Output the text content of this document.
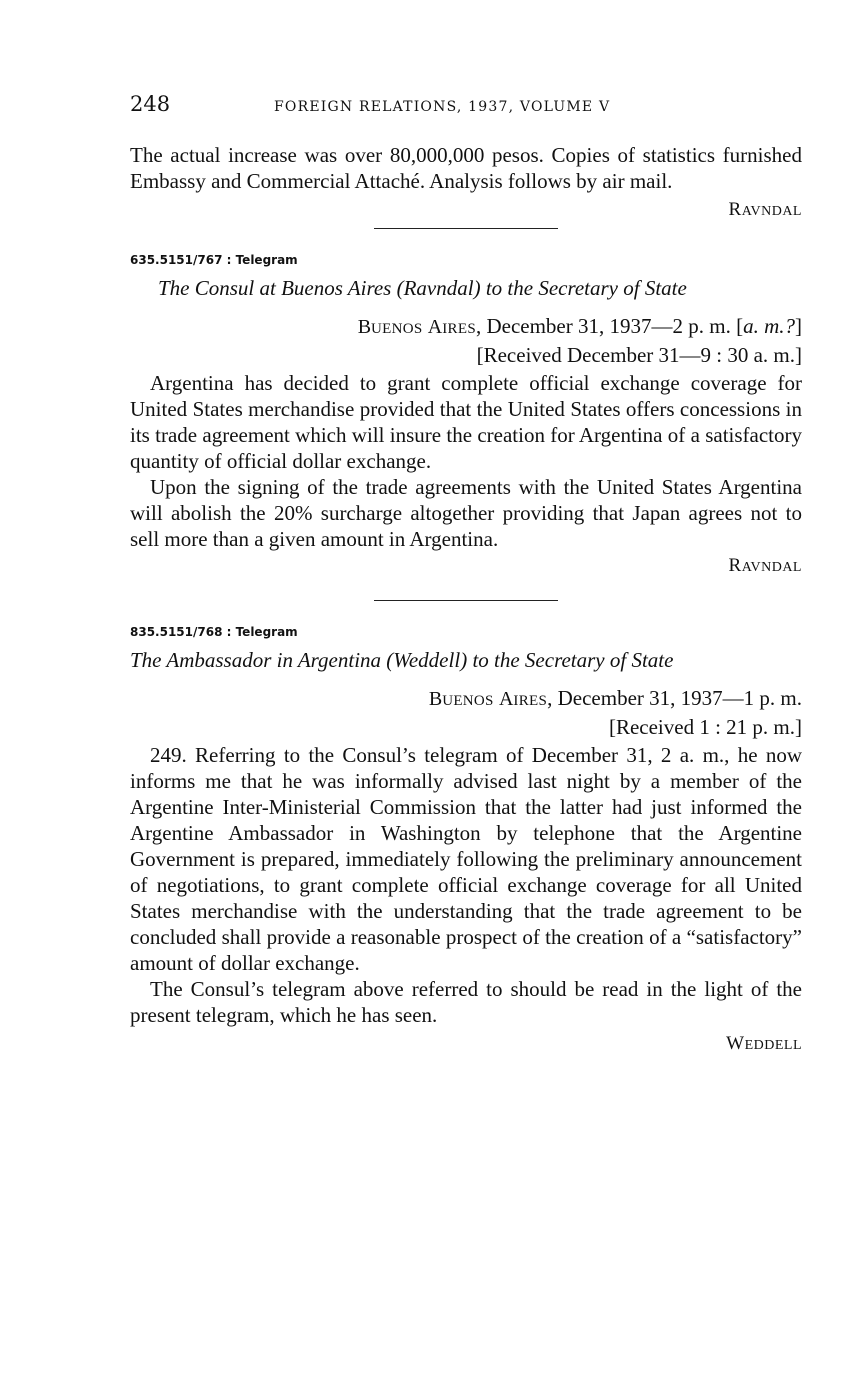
248	FOREIGN RELATIONS, 1937, VOLUME V

The actual increase was over 80,000,000 pesos. Copies of statistics furnished Embassy and Commercial Attaché. Analysis follows by air mail.

RAVNDAL
635.5151/767 : Telegram
The Consul at Buenos Aires (Ravndal) to the Secretary of State
BUENOS AIRES, December 31, 1937—2 p. m. [a. m.?]
[Received December 31—9 : 30 a. m.]

Argentina has decided to grant complete official exchange coverage for United States merchandise provided that the United States offers concessions in its trade agreement which will insure the creation for Argentina of a satisfactory quantity of official dollar exchange.

Upon the signing of the trade agreements with the United States Argentina will abolish the 20% surcharge altogether providing that Japan agrees not to sell more than a given amount in Argentina.

RAVNDAL
835.5151/768 : Telegram
The Ambassador in Argentina (Weddell) to the Secretary of State
BUENOS AIRES, December 31, 1937—1 p. m.
[Received 1 : 21 p. m.]

249. Referring to the Consul’s telegram of December 31, 2 a. m., he now informs me that he was informally advised last night by a member of the Argentine Inter-Ministerial Commission that the latter had just informed the Argentine Ambassador in Washington by telephone that the Argentine Government is prepared, immediately following the preliminary announcement of negotiations, to grant complete official exchange coverage for all United States merchandise with the understanding that the trade agreement to be concluded shall provide a reasonable prospect of the creation of a “satisfactory” amount of dollar exchange.

The Consul’s telegram above referred to should be read in the light of the present telegram, which he has seen.

WEDDELL
